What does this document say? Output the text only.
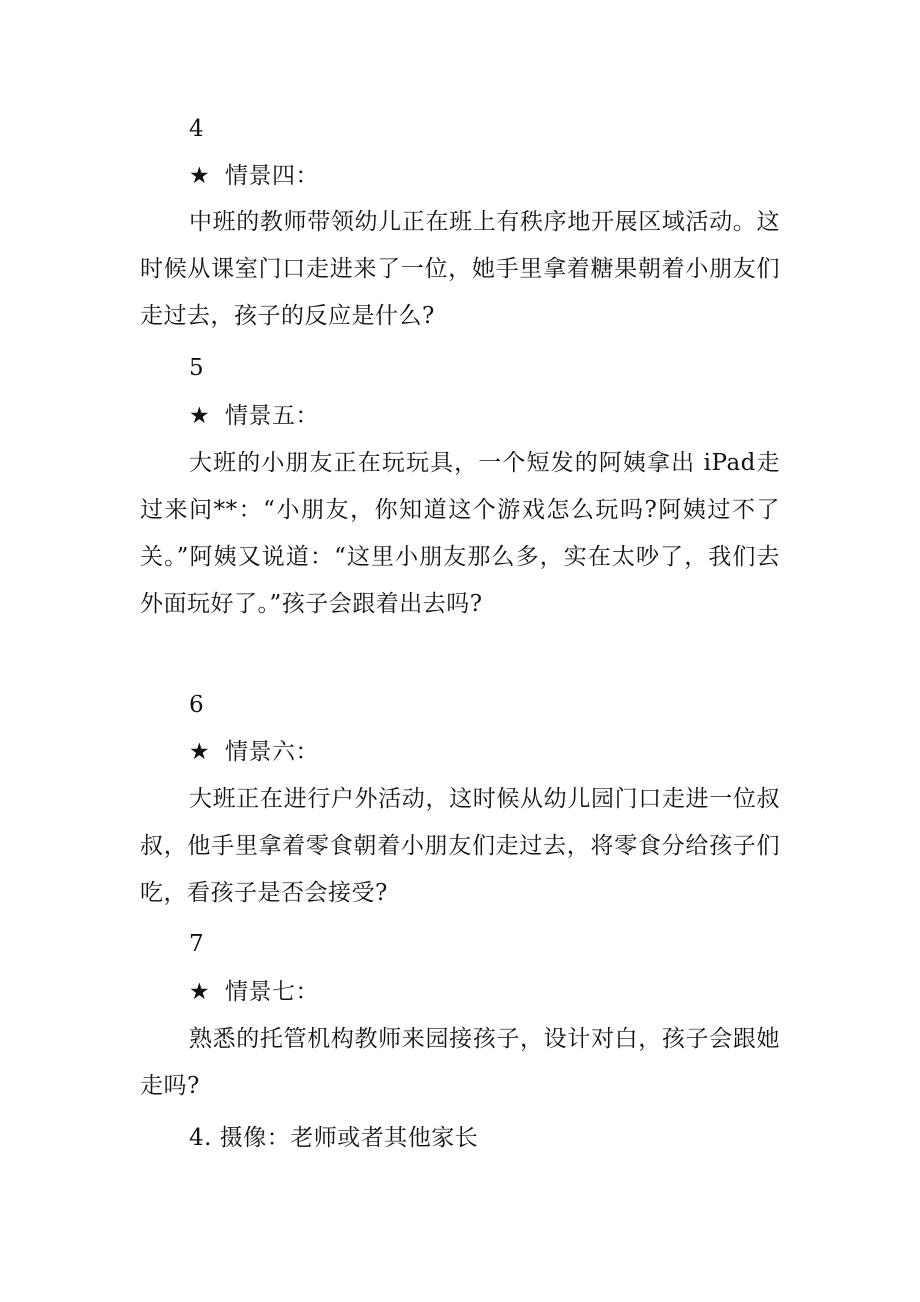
4
★ 情景四：

中班的教师带领幼儿正在班上有秩序地开展区域活动。这时候从课室门口走进来了一位，她手里拿着糖果朝着小朋友们走过去，孩子的反应是什么?

5
★ 情景五：

大班的小朋友正在玩玩具，一个短发的阿姨拿出 iPad走过来问**：“小朋友，你知道这个游戏怎么玩吗?阿姨过不了关。”阿姨又说道：“这里小朋友那么多，实在太吵了，我们去外面玩好了。”孩子会跟着出去吗?

6
★ 情景六：

大班正在进行户外活动，这时候从幼儿园门口走进一位叔叔，他手里拿着零食朝着小朋友们走过去，将零食分给孩子们吃，看孩子是否会接受?

7
★ 情景七：

熟悉的托管机构教师来园接孩子，设计对白，孩子会跟她走吗?

4. 摄像：老师或者其他家长
